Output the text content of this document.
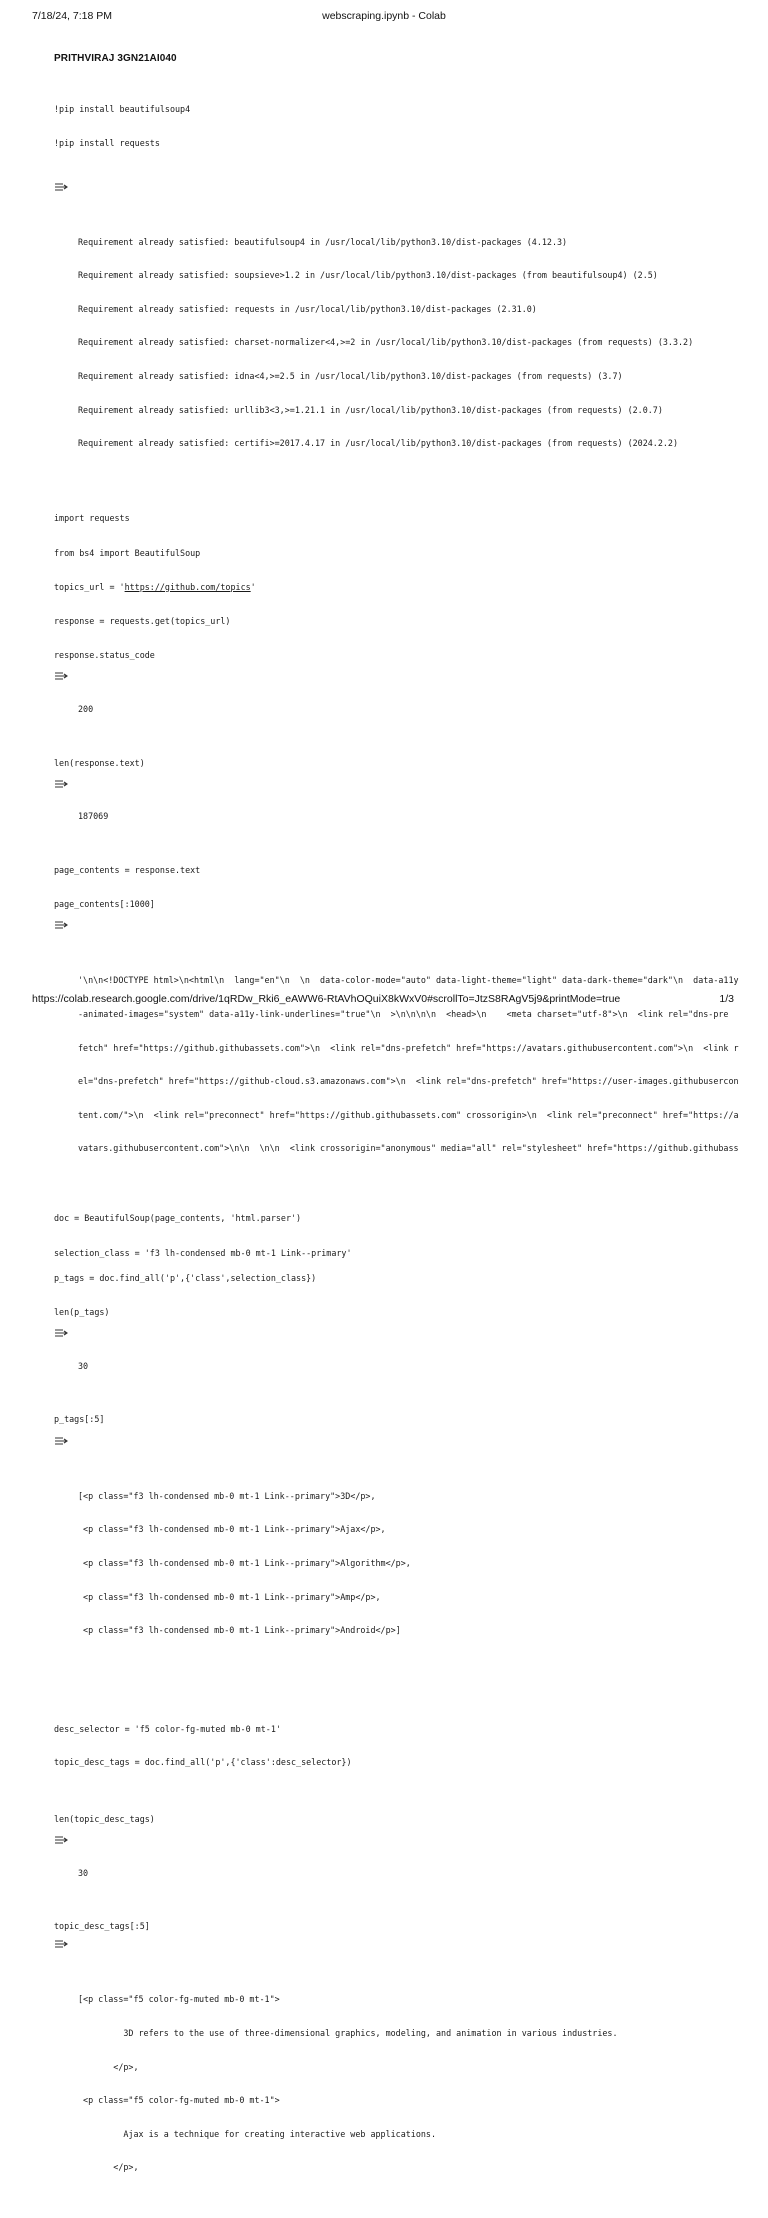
7/18/24, 7:18 PM	webscraping.ipynb - Colab
PRITHVIRAJ 3GN21AI040

!pip install beautifulsoup4

!pip install requests

Requirement already satisfied: beautifulsoup4 in /usr/local/lib/python3.10/dist-packages (4.12.3)

Requirement already satisfied: soupsieve>1.2 in /usr/local/lib/python3.10/dist-packages (from beautifulsoup4) (2.5)

Requirement already satisfied: requests in /usr/local/lib/python3.10/dist-packages (2.31.0)

Requirement already satisfied: charset-normalizer<4,>=2 in /usr/local/lib/python3.10/dist-packages (from requests) (3.3.2)

Requirement already satisfied: idna<4,>=2.5 in /usr/local/lib/python3.10/dist-packages (from requests) (3.7)

Requirement already satisfied: urllib3<3,>=1.21.1 in /usr/local/lib/python3.10/dist-packages (from requests) (2.0.7)

Requirement already satisfied: certifi>=2017.4.17 in /usr/local/lib/python3.10/dist-packages (from requests) (2024.2.2)

import requests
from bs4 import BeautifulSoup
topics_url = 'https://github.com/topics'
response = requests.get(topics_url)
response.status_code

200

len(response.text)

187069

page_contents = response.text
page_contents[:1000]

'\n\n<!DOCTYPE html>\n<html\n  lang="en"\n  \n  data-color-mode="auto" data-light-theme="light" data-dark-theme="dark"\n  data-a11y

-animated-images="system" data-a11y-link-underlines="true"\n  >\n\n\n\n  <head>\n    <meta charset="utf-8">\n  <link rel="dns-pre

fetch" href="https://github.githubassets.com">\n  <link rel="dns-prefetch" href="https://avatars.githubusercontent.com">\n  <link r

el="dns-prefetch" href="https://github-cloud.s3.amazonaws.com">\n  <link rel="dns-prefetch" href="https://user-images.githubusercon

tent.com/">\n  <link rel="preconnect" href="https://github.githubassets.com" crossorigin>\n  <link rel="preconnect" href="https://a

vatars.githubusercontent.com">\n\n  \n\n  <link crossorigin="anonymous" media="all" rel="stylesheet" href="https://github.githubass

doc = BeautifulSoup(page_contents, 'html.parser')
selection_class = 'f3 lh-condensed mb-0 mt-1 Link--primary'
p_tags = doc.find_all('p',{'class',selection_class})
len(p_tags)

30

p_tags[:5]

[<p class="f3 lh-condensed mb-0 mt-1 Link--primary">3D</p>,

<p class="f3 lh-condensed mb-0 mt-1 Link--primary">Ajax</p>,

<p class="f3 lh-condensed mb-0 mt-1 Link--primary">Algorithm</p>,

<p class="f3 lh-condensed mb-0 mt-1 Link--primary">Amp</p>,

<p class="f3 lh-condensed mb-0 mt-1 Link--primary">Android</p>]

desc_selector = 'f5 color-fg-muted mb-0 mt-1'

topic_desc_tags = doc.find_all('p',{'class':desc_selector})

len(topic_desc_tags)

30

topic_desc_tags[:5]

[<p class="f5 color-fg-muted mb-0 mt-1">

3D refers to the use of three-dimensional graphics, modeling, and animation in various industries.

</p>,

<p class="f5 color-fg-muted mb-0 mt-1">

Ajax is a technique for creating interactive web applications.

</p>,

https://colab.research.google.com/drive/1qRDw_Rki6_eAWW6-RtAVhOQuiX8kWxV0#scrollTo=JtzS8RAgV5j9&printMode=true	1/3
